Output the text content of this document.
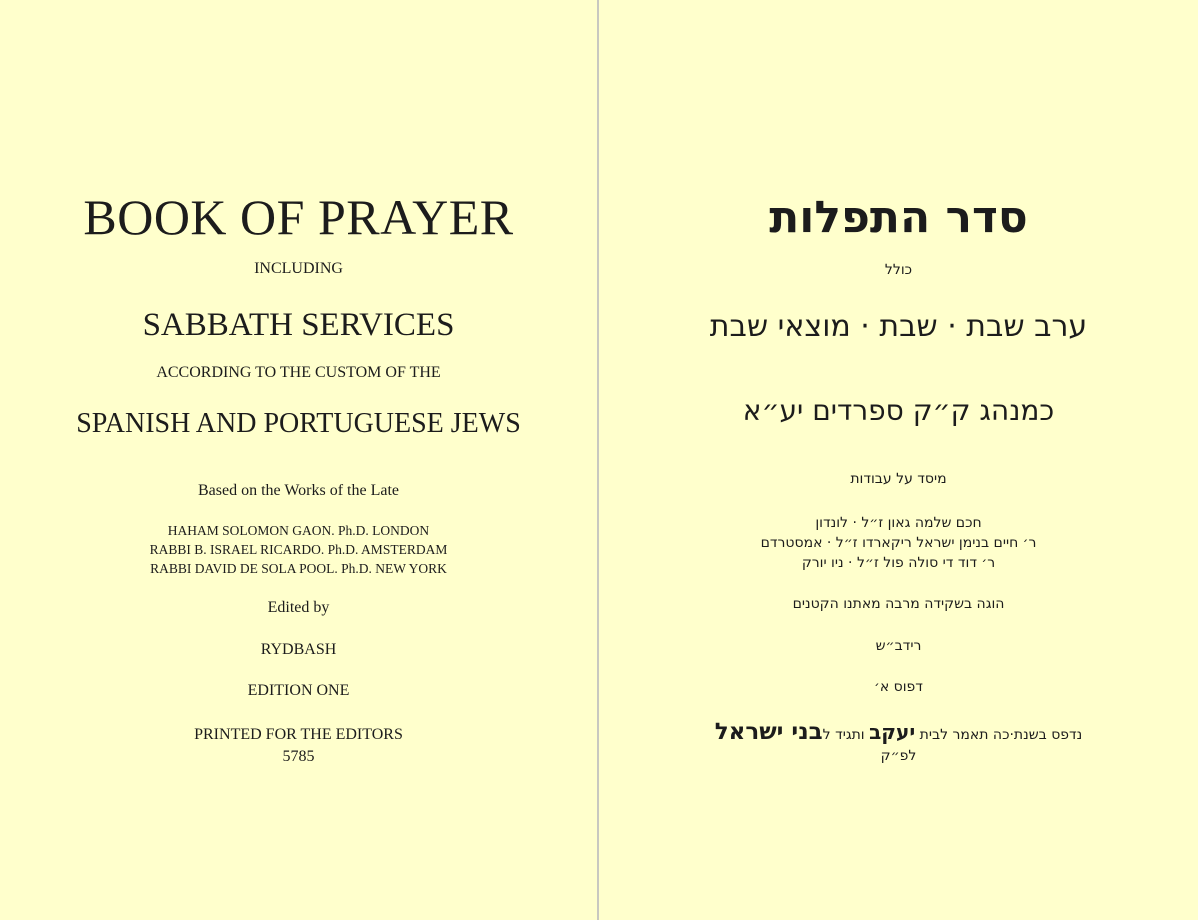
BOOK OF PRAYER
INCLUDING
SABBATH SERVICES
ACCORDING TO THE CUSTOM OF THE
SPANISH AND PORTUGUESE JEWS
Based on the Works of the Late
HAHAM SOLOMON GAON. Ph.D. LONDON
RABBI B. ISRAEL RICARDO. Ph.D. AMSTERDAM
RABBI DAVID DE SOLA POOL. Ph.D. NEW YORK
Edited by
RYDBASH
EDITION ONE
PRINTED FOR THE EDITORS
5785
סדר התפלות
כולל
ערב שבת · שבת · מוצאי שבת
כמנהג ק״ק ספרדים יע״א
מיסד על עבודות
חכם שלמה גאון ז״ל · לונדון
ר׳ חיים בנימן ישראל ריקארדו ז״ל · אמסטרדם
ר׳ דוד די סולה פול ז״ל · ניו יורק
הוגה בשקידה מרבה מאתנו הקטנים
רידב״ש
דפוס א׳
נדפס בשנת·כה תאמר לבית יעקב ותגיד לבני ישראל
לפ״ק
